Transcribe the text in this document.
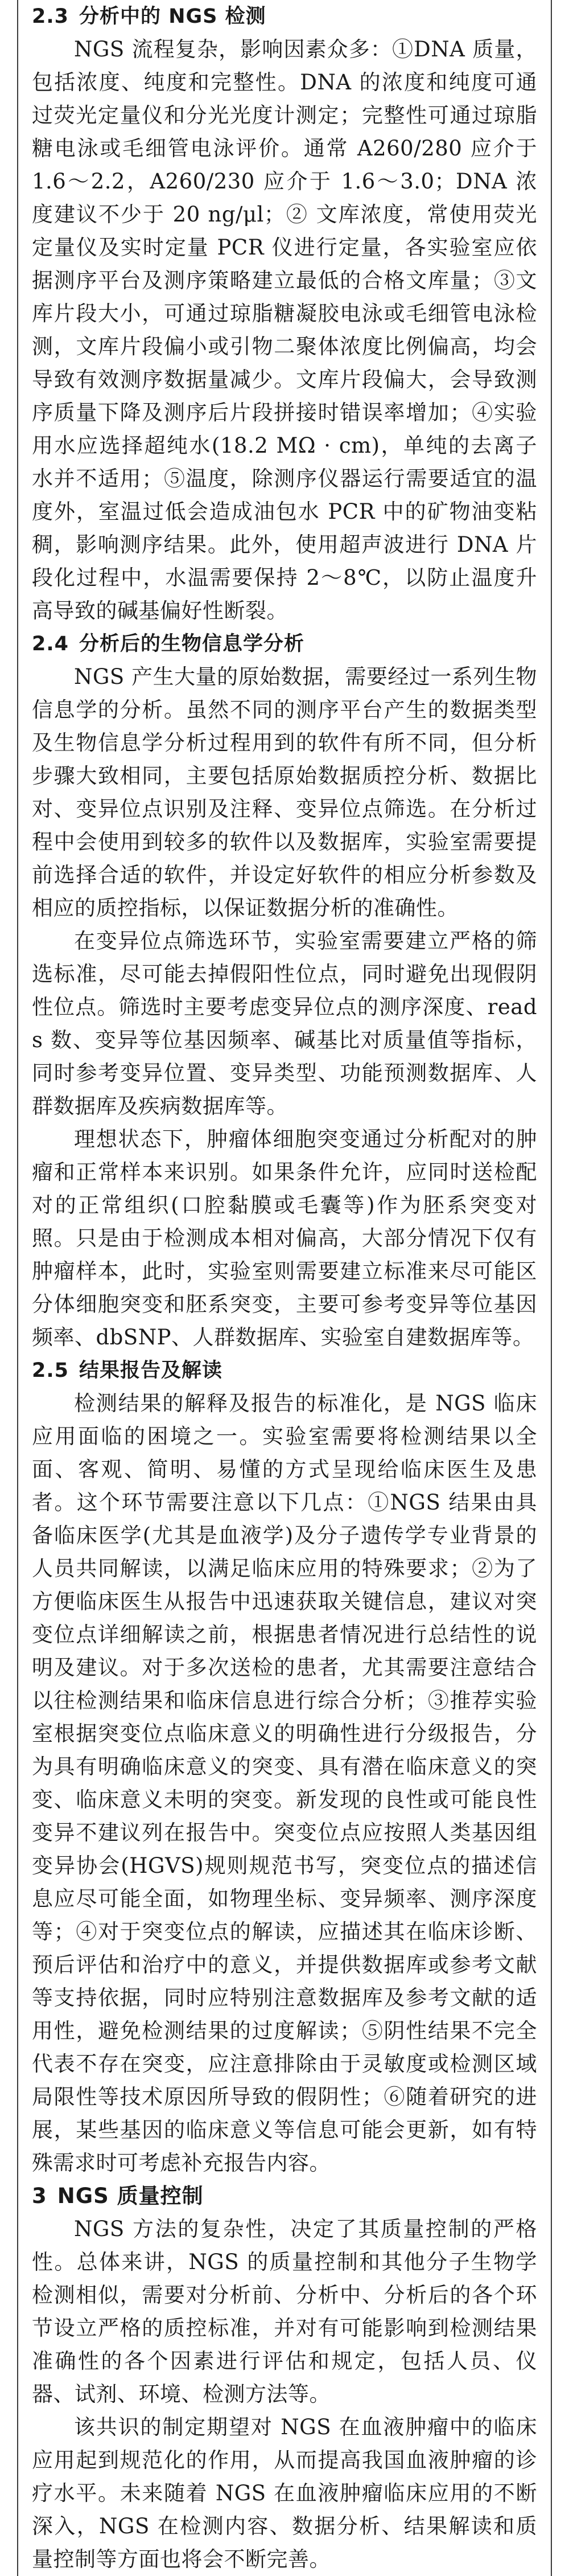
2.3 分析中的 NGS 检测

NGS 流程复杂，影响因素众多：①DNA 质量，包括浓度、纯度和完整性。DNA 的浓度和纯度可通过荧光定量仪和分光光度计测定；完整性可通过琼脂糖电泳或毛细管电泳评价。通常 A260/280 应介于 1.6～2.2，A260/230 应介于 1.6～3.0；DNA 浓度建议不少于 20 ng/μl；② 文库浓度，常使用荧光定量仪及实时定量 PCR 仪进行定量，各实验室应依据测序平台及测序策略建立最低的合格文库量；③文库片段大小，可通过琼脂糖凝胶电泳或毛细管电泳检测，文库片段偏小或引物二聚体浓度比例偏高，均会导致有效测序数据量减少。文库片段偏大，会导致测序质量下降及测序后片段拼接时错误率增加；④实验用水应选择超纯水(18.2 MΩ · cm)，单纯的去离子水并不适用；⑤温度，除测序仪器运行需要适宜的温度外，室温过低会造成油包水 PCR 中的矿物油变粘稠，影响测序结果。此外，使用超声波进行 DNA 片段化过程中，水温需要保持 2～8℃，以防止温度升高导致的碱基偏好性断裂。

2.4 分析后的生物信息学分析

NGS 产生大量的原始数据，需要经过一系列生物信息学的分析。虽然不同的测序平台产生的数据类型及生物信息学分析过程用到的软件有所不同，但分析步骤大致相同，主要包括原始数据质控分析、数据比对、变异位点识别及注释、变异位点筛选。在分析过程中会使用到较多的软件以及数据库，实验室需要提前选择合适的软件，并设定好软件的相应分析参数及相应的质控指标，以保证数据分析的准确性。

在变异位点筛选环节，实验室需要建立严格的筛选标准，尽可能去掉假阳性位点，同时避免出现假阴性位点。筛选时主要考虑变异位点的测序深度、reads 数、变异等位基因频率、碱基比对质量值等指标，同时参考变异位置、变异类型、功能预测数据库、人群数据库及疾病数据库等。

理想状态下，肿瘤体细胞突变通过分析配对的肿瘤和正常样本来识别。如果条件允许，应同时送检配对的正常组织(口腔黏膜或毛囊等)作为胚系突变对照。只是由于检测成本相对偏高，大部分情况下仅有肿瘤样本，此时，实验室则需要建立标准来尽可能区分体细胞突变和胚系突变，主要可参考变异等位基因频率、dbSNP、人群数据库、实验室自建数据库等。

2.5 结果报告及解读

检测结果的解释及报告的标准化，是 NGS 临床应用面临的困境之一。实验室需要将检测结果以全面、客观、简明、易懂的方式呈现给临床医生及患者。这个环节需要注意以下几点：①NGS 结果由具备临床医学(尤其是血液学)及分子遗传学专业背景的人员共同解读，以满足临床应用的特殊要求；②为了方便临床医生从报告中迅速获取关键信息，建议对突变位点详细解读之前，根据患者情况进行总结性的说明及建议。对于多次送检的患者，尤其需要注意结合以往检测结果和临床信息进行综合分析；③推荐实验室根据突变位点临床意义的明确性进行分级报告，分为具有明确临床意义的突变、具有潜在临床意义的突变、临床意义未明的突变。新发现的良性或可能良性变异不建议列在报告中。突变位点应按照人类基因组变异协会(HGVS)规则规范书写，突变位点的描述信息应尽可能全面，如物理坐标、变异频率、测序深度等；④对于突变位点的解读，应描述其在临床诊断、预后评估和治疗中的意义，并提供数据库或参考文献等支持依据，同时应特别注意数据库及参考文献的适用性，避免检测结果的过度解读；⑤阴性结果不完全代表不存在突变，应注意排除由于灵敏度或检测区域局限性等技术原因所导致的假阴性；⑥随着研究的进展，某些基因的临床意义等信息可能会更新，如有特殊需求时可考虑补充报告内容。

3 NGS 质量控制

NGS 方法的复杂性，决定了其质量控制的严格性。总体来讲，NGS 的质量控制和其他分子生物学检测相似，需要对分析前、分析中、分析后的各个环节设立严格的质控标准，并对有可能影响到检测结果准确性的各个因素进行评估和规定，包括人员、仪器、试剂、环境、检测方法等。

该共识的制定期望对 NGS 在血液肿瘤中的临床应用起到规范化的作用，从而提高我国血液肿瘤的诊疗水平。未来随着 NGS 在血液肿瘤临床应用的不断深入，NGS 在检测内容、数据分析、结果解读和质量控制等方面也将会不断完善。
